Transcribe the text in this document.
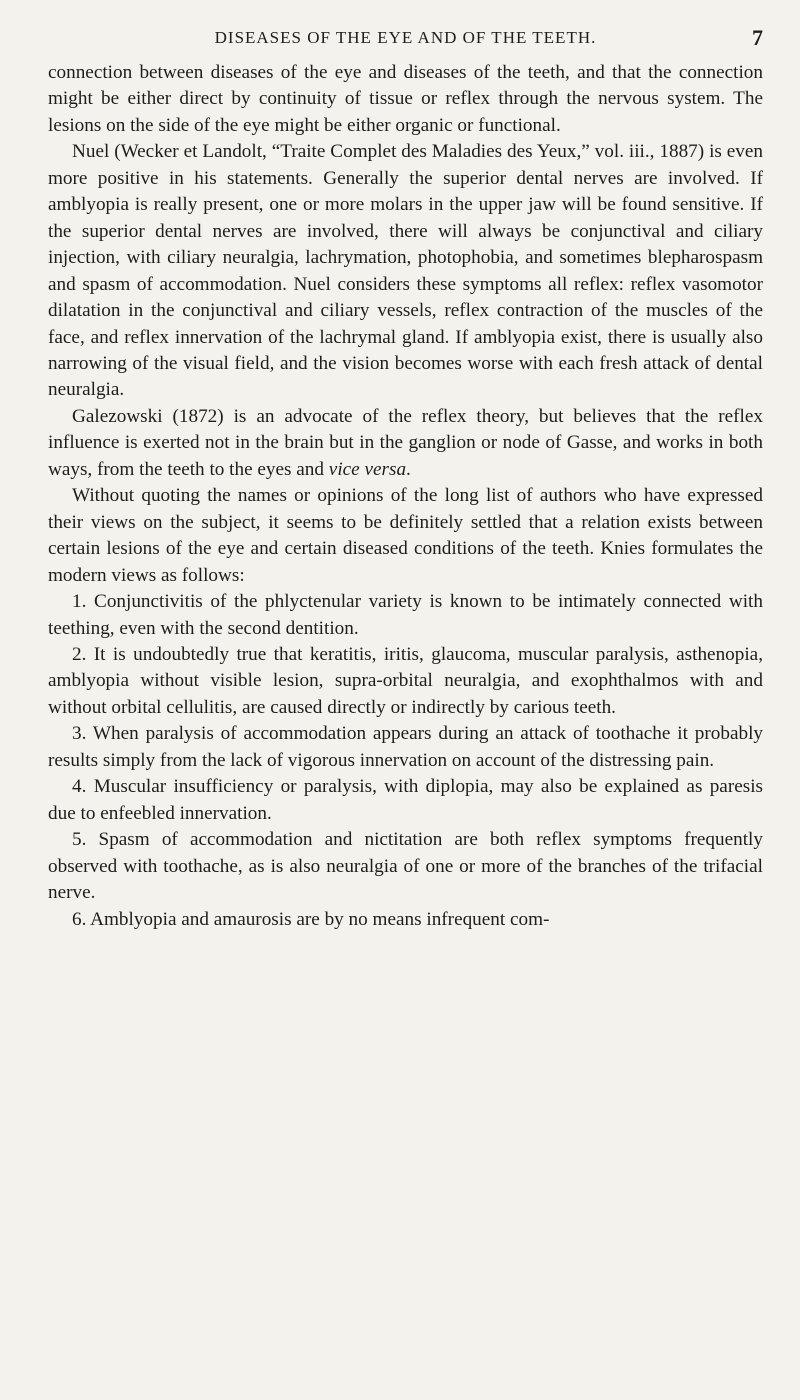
DISEASES OF THE EYE AND OF THE TEETH.	7

connection between diseases of the eye and diseases of the teeth, and that the connection might be either direct by continuity of tissue or reflex through the nervous system. The lesions on the side of the eye might be either organic or functional.

Nuel (Wecker et Landolt, “Traite Complet des Maladies des Yeux,” vol. iii., 1887) is even more positive in his statements. Generally the superior dental nerves are involved. If amblyopia is really present, one or more molars in the upper jaw will be found sensitive. If the superior dental nerves are involved, there will always be conjunctival and ciliary injection, with ciliary neuralgia, lachrymation, photophobia, and sometimes blepharospasm and spasm of accommodation. Nuel considers these symptoms all reflex: reflex vasomotor dilatation in the conjunctival and ciliary vessels, reflex contraction of the muscles of the face, and reflex innervation of the lachrymal gland. If amblyopia exist, there is usually also narrowing of the visual field, and the vision becomes worse with each fresh attack of dental neuralgia.

Galezowski (1872) is an advocate of the reflex theory, but believes that the reflex influence is exerted not in the brain but in the ganglion or node of Gasse, and works in both ways, from the teeth to the eyes and vice versa.

Without quoting the names or opinions of the long list of authors who have expressed their views on the subject, it seems to be definitely settled that a relation exists between certain lesions of the eye and certain diseased conditions of the teeth. Knies formulates the modern views as follows:

1. Conjunctivitis of the phlyctenular variety is known to be intimately connected with teething, even with the second dentition.

2. It is undoubtedly true that keratitis, iritis, glaucoma, muscular paralysis, asthenopia, amblyopia without visible lesion, supra-orbital neuralgia, and exophthalmos with and without orbital cellulitis, are caused directly or indirectly by carious teeth.

3. When paralysis of accommodation appears during an attack of toothache it probably results simply from the lack of vigorous innervation on account of the distressing pain.

4. Muscular insufficiency or paralysis, with diplopia, may also be explained as paresis due to enfeebled innervation.

5. Spasm of accommodation and nictitation are both reflex symptoms frequently observed with toothache, as is also neuralgia of one or more of the branches of the trifacial nerve.

6. Amblyopia and amaurosis are by no means infrequent com-
